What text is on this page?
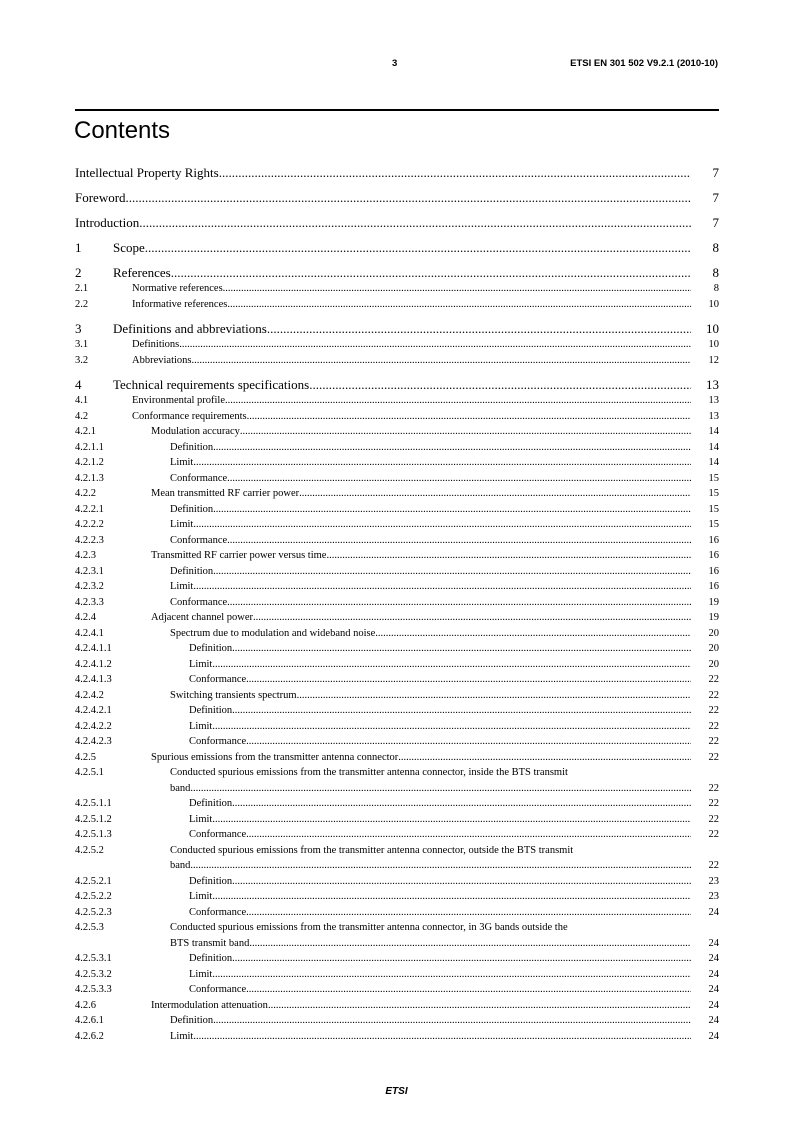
3	ETSI EN 301 502 V9.2.1 (2010-10)
Contents
Intellectual Property Rights .....	7
Foreword .....	7
Introduction .....	7
1 Scope .....	8
2 References .....	8
2.1	Normative references .....	8
2.2	Informative references .....	10
3 Definitions and abbreviations .....	10
3.1	Definitions .....	10
3.2	Abbreviations .....	12
4 Technical requirements specifications .....	13
4.1	Environmental profile .....	13
4.2	Conformance requirements .....	13
4.2.1	Modulation accuracy .....	14
4.2.1.1	Definition .....	14
4.2.1.2	Limit .....	14
4.2.1.3	Conformance .....	15
4.2.2	Mean transmitted RF carrier power .....	15
4.2.2.1	Definition .....	15
4.2.2.2	Limit .....	15
4.2.2.3	Conformance .....	16
4.2.3	Transmitted RF carrier power versus time .....	16
4.2.3.1	Definition .....	16
4.2.3.2	Limit .....	16
4.2.3.3	Conformance .....	19
4.2.4	Adjacent channel power .....	19
4.2.4.1	Spectrum due to modulation and wideband noise .....	20
4.2.4.1.1	Definition .....	20
4.2.4.1.2	Limit .....	20
4.2.4.1.3	Conformance .....	22
4.2.4.2	Switching transients spectrum .....	22
4.2.4.2.1	Definition .....	22
4.2.4.2.2	Limit .....	22
4.2.4.2.3	Conformance .....	22
4.2.5	Spurious emissions from the transmitter antenna connector .....	22
4.2.5.1	Conducted spurious emissions from the transmitter antenna connector, inside the BTS transmit
band .....	22
4.2.5.1.1	Definition .....	22
4.2.5.1.2	Limit .....	22
4.2.5.1.3	Conformance .....	22
4.2.5.2	Conducted spurious emissions from the transmitter antenna connector, outside the BTS transmit
band .....	22
4.2.5.2.1	Definition .....	23
4.2.5.2.2	Limit .....	23
4.2.5.2.3	Conformance .....	24
4.2.5.3	Conducted spurious emissions from the transmitter antenna connector, in 3G bands outside the
BTS transmit band .....	24
4.2.5.3.1	Definition .....	24
4.2.5.3.2	Limit .....	24
4.2.5.3.3	Conformance .....	24
4.2.6	Intermodulation attenuation .....	24
4.2.6.1	Definition .....	24
4.2.6.2	Limit .....	24
ETSI
